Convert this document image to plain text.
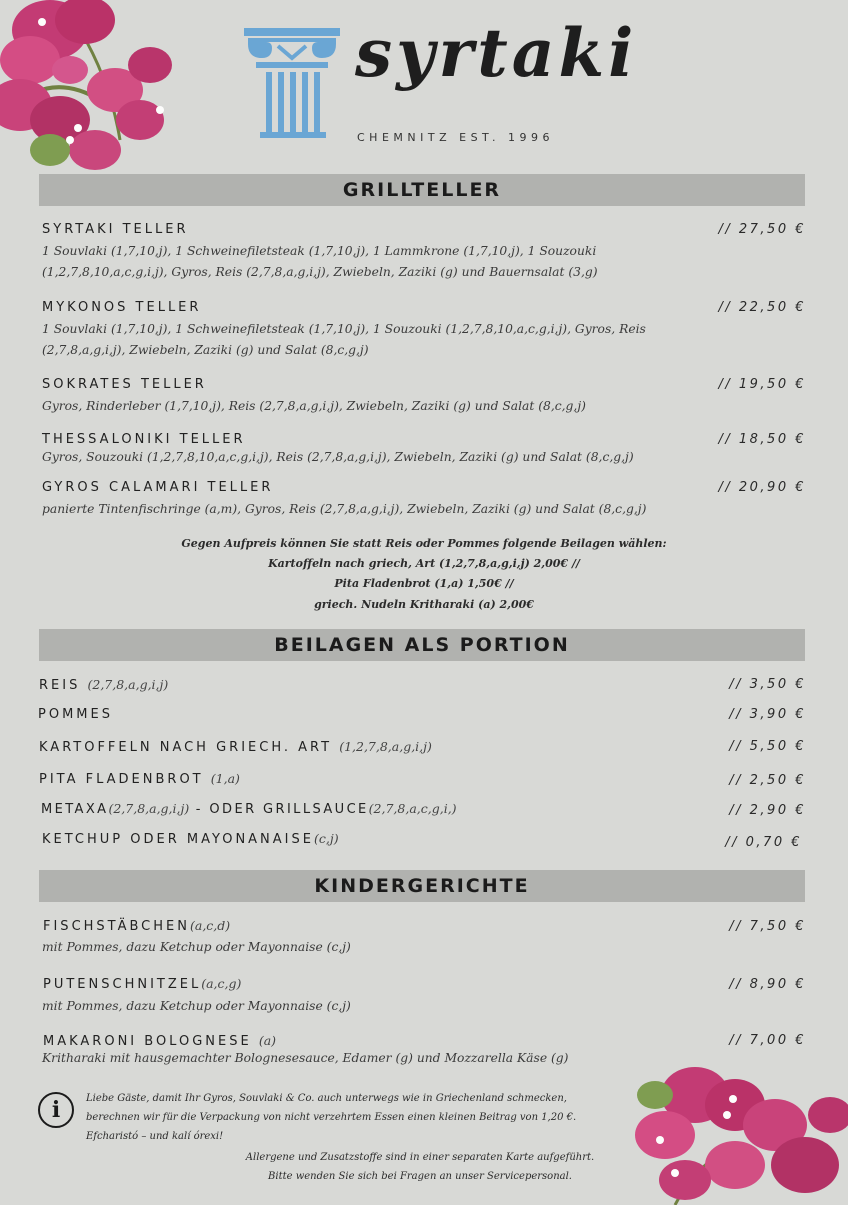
syrtaki
CHEMNITZ EST. 1996
GRILLTELLER
SYRTAKI TELLER	// 27,50 €
1 Souvlaki (1,7,10,j), 1 Schweinefiletsteak (1,7,10,j), 1 Lammkrone (1,7,10,j), 1 Souzouki (1,2,7,8,10,a,c,g,i,j), Gyros, Reis (2,7,8,a,g,i,j), Zwiebeln, Zaziki (g) und Bauernsalat (3,g)
MYKONOS TELLER	// 22,50 €
1 Souvlaki (1,7,10,j), 1 Schweinefiletsteak (1,7,10,j), 1 Souzouki (1,2,7,8,10,a,c,g,i,j), Gyros, Reis (2,7,8,a,g,i,j), Zwiebeln, Zaziki (g) und Salat (8,c,g,j)
SOKRATES TELLER	// 19,50 €
Gyros, Rinderleber (1,7,10,j), Reis (2,7,8,a,g,i,j), Zwiebeln, Zaziki (g) und Salat (8,c,g,j)
THESSALONIKI TELLER	// 18,50 €
Gyros, Souzouki (1,2,7,8,10,a,c,g,i,j), Reis (2,7,8,a,g,i,j), Zwiebeln, Zaziki (g) und Salat (8,c,g,j)
GYROS CALAMARI TELLER	// 20,90 €
panierte Tintenfischringe (a,m), Gyros, Reis (2,7,8,a,g,i,j), Zwiebeln, Zaziki (g) und Salat (8,c,g,j)
Gegen Aufpreis können Sie statt Reis oder Pommes folgende Beilagen wählen:
Kartoffeln nach griech, Art (1,2,7,8,a,g,i,j) 2,00€ //
Pita Fladenbrot (1,a) 1,50€ //
griech. Nudeln Kritharaki (a) 2,00€
BEILAGEN ALS PORTION
REIS (2,7,8,a,g,i,j)	// 3,50 €
POMMES	// 3,90 €
KARTOFFELN NACH GRIECH. ART (1,2,7,8,a,g,i,j)	// 5,50 €
PITA FLADENBROT (1,a)	// 2,50 €
METAXA(2,7,8,a,g,i,j) - ODER GRILLSAUCE(2,7,8,a,c,g,i,)	// 2,90 €
KETCHUP ODER MAYONANAISE(c,j)	// 0,70 €
KINDERGERICHTE
FISCHSTÄBCHEN(a,c,d)	// 7,50 €
mit Pommes, dazu Ketchup oder Mayonnaise (c,j)
PUTENSCHNITZEL(a,c,g)	// 8,90 €
mit Pommes, dazu Ketchup oder Mayonnaise (c,j)
MAKARONI BOLOGNESE (a)	// 7,00 €
Kritharaki mit hausgemachter Bolognesesauce, Edamer (g) und Mozzarella Käse (g)
i	Liebe Gäste, damit Ihr Gyros, Souvlaki & Co. auch unterwegs wie in Griechenland schmecken,
berechnen wir für die Verpackung von nicht verzehrtem Essen einen kleinen Beitrag von 1,20 €.
Efcharistó – und kalí órexi!
Allergene und Zusatzstoffe sind in einer separaten Karte aufgeführt.
Bitte wenden Sie sich bei Fragen an unser Servicepersonal.
